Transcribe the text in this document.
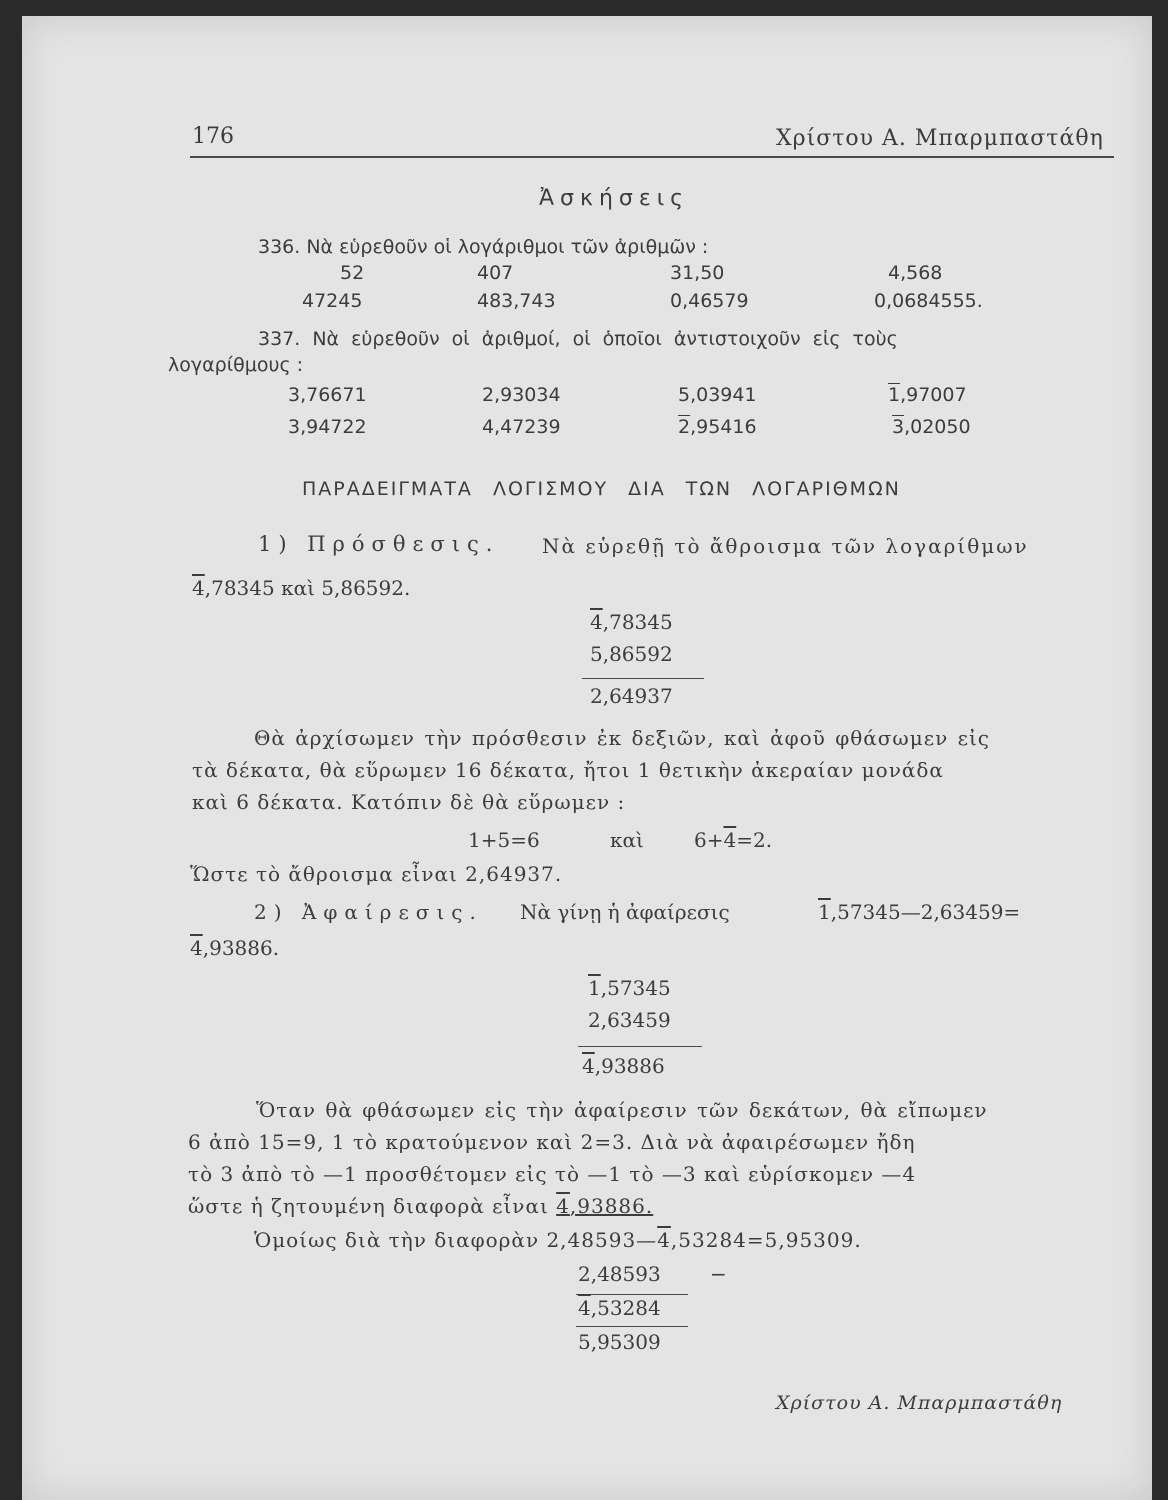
176	Χρίστου Α. Μπαρμπαστάθη
Ἀσκήσεις
336. Νὰ εὑρεθοῦν οἱ λογάριθμοι τῶν ἀριθμῶν :
52	407	31,50	4,568
47245	483,743	0,46579	0,0684555.
337. Νὰ εὑρεθοῦν οἱ ἀριθμοί, οἱ ὁποῖοι ἀντιστοιχοῦν εἰς τοὺς
λογαρίθμους :
3,76671	2,93034	5,03941	1,97007
3,94722	4,47239	2,95416	3,02050
ΠΑΡΑΔΕΙΓΜΑΤΑ ΛΟΓΙΣΜΟΥ ΔΙΑ ΤΩΝ ΛΟΓΑΡΙΘΜΩΝ
1) Πρόσθεσις. Νὰ εὑρεθῇ τὸ ἄθροισμα τῶν λογαρίθμων
4,78345 καὶ 5,86592.
4,78345
5,86592
2,64937
Θὰ ἀρχίσωμεν τὴν πρόσθεσιν ἐκ δεξιῶν, καὶ ἀφοῦ φθάσωμεν εἰς
τὰ δέκατα, θὰ εὕρωμεν 16 δέκατα, ἤτοι 1 θετικὴν ἀκεραίαν μονάδα
καὶ 6 δέκατα. Κατόπιν δὲ θὰ εὕρωμεν :
1+5=6	καὶ	6+4=2.
Ὥστε τὸ ἄθροισμα εἶναι 2,64937.
2) Ἀφαίρεσις. Νὰ γίνῃ ἡ ἀφαίρεσις	1,57345—2,63459=
4,93886.
1,57345
2,63459
4,93886
Ὅταν θὰ φθάσωμεν εἰς τὴν ἀφαίρεσιν τῶν δεκάτων, θὰ εἴπωμεν
6 ἀπὸ 15=9, 1 τὸ κρατούμενον καὶ 2=3. Διὰ νὰ ἀφαιρέσωμεν ἤδη
τὸ 3 ἀπὸ τὸ —1 προσθέτομεν εἰς τὸ —1 τὸ —3 καὶ εὑρίσκομεν —4
ὥστε ἡ ζητουμένη διαφορὰ εἶναι 4,93886.
Ὁμοίως διὰ τὴν διαφορὰν 2,48593—4,53284=5,95309.
2,48593 −
4,53284
5,95309
Χρίστου Α. Μπαρμπαστάθη
